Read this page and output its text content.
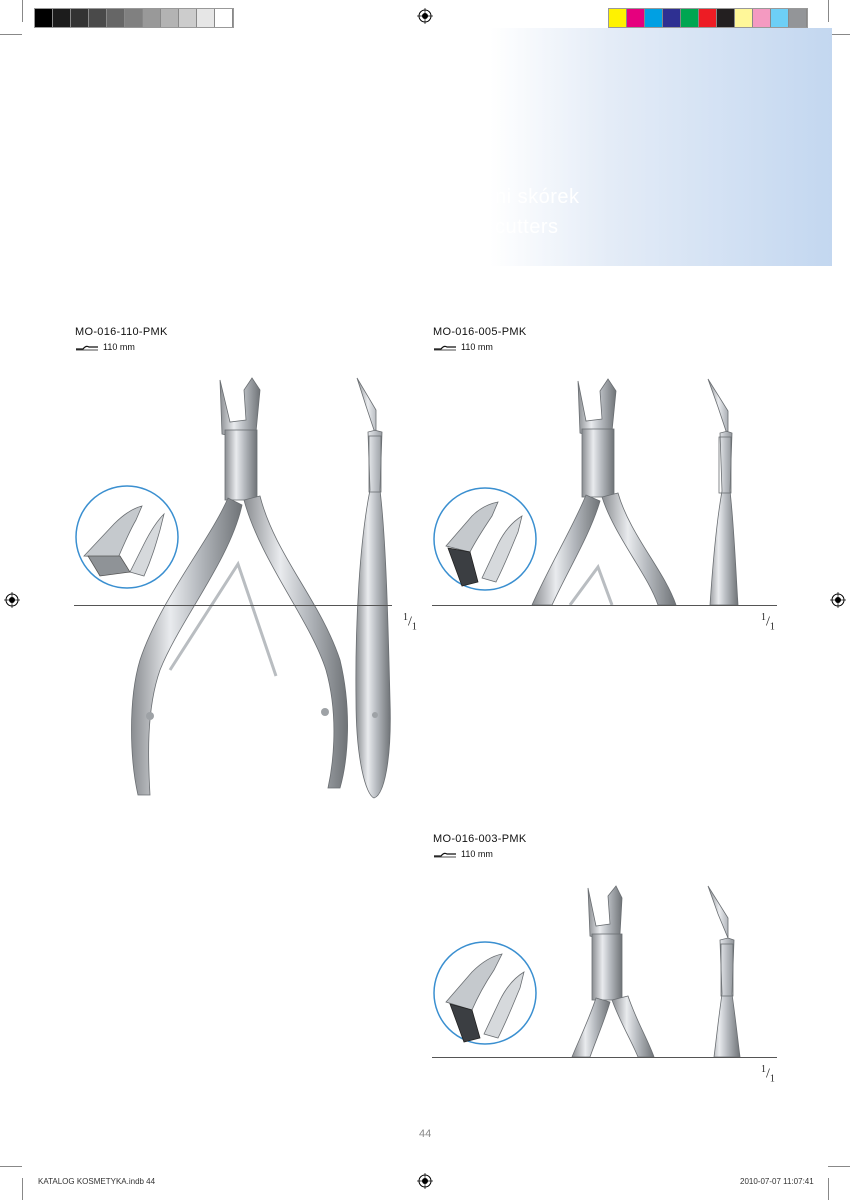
ni skórek
cutters
MO-016-110-PMK
110 mm
$^1/_1$
MO-016-005-PMK
110 mm
$^1/_1$
MO-016-003-PMK
110 mm
$^1/_1$
44
KATALOG KOSMETYKA.indb 44	2010-07-07 11:07:41
